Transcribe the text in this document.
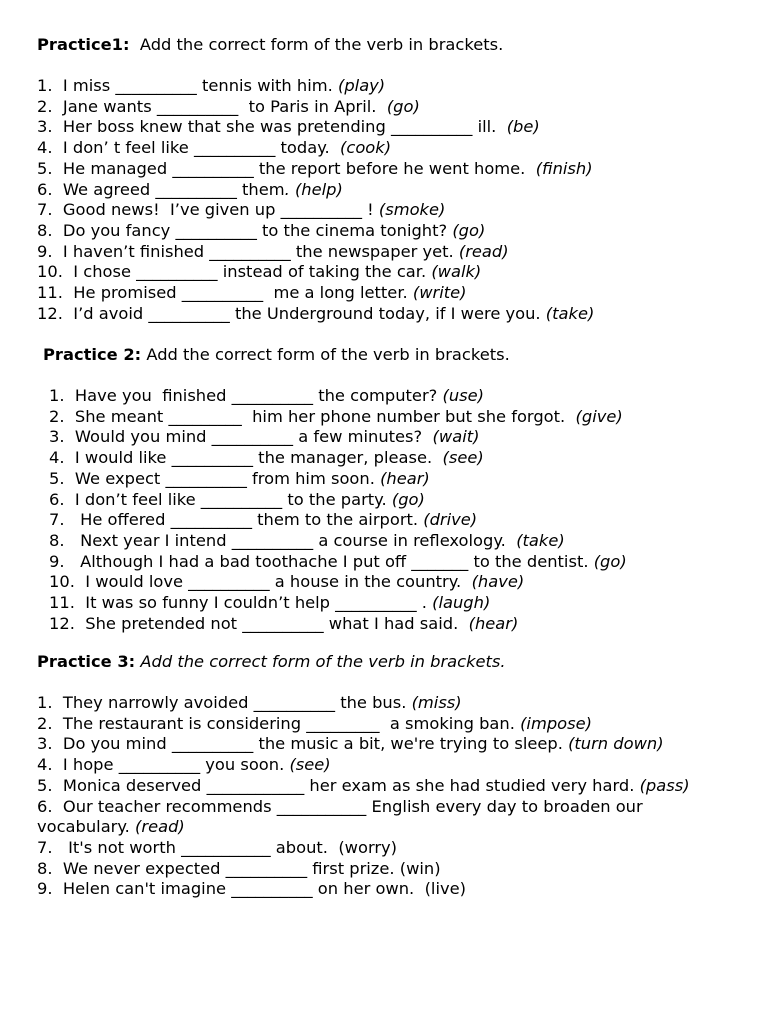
Practice1:  Add the correct form of the verb in brackets.
1. I miss __________ tennis with him. (play)
2. Jane wants __________  to Paris in April.  (go)
3. Her boss knew that she was pretending __________ ill.  (be)
4. I don’ t feel like __________ today.  (cook)
5. He managed __________ the report before he went home.  (finish)
6. We agreed __________ them. (help)
7. Good news!  I’ve given up __________ ! (smoke)
8. Do you fancy __________ to the cinema tonight? (go)
9. I haven’t finished __________ the newspaper yet. (read)
10. I chose __________ instead of taking the car. (walk)
11. He promised __________  me a long letter. (write)
12. I’d avoid __________ the Underground today, if I were you. (take)
Practice 2: Add the correct form of the verb in brackets.
1. Have you  finished __________ the computer? (use)
2. She meant _________  him her phone number but she forgot.  (give)
3. Would you mind __________ a few minutes?  (wait)
4. I would like __________ the manager, please.  (see)
5. We expect __________ from him soon. (hear)
6. I don’t feel like __________ to the party. (go)
7.   He offered __________ them to the airport. (drive)
8.   Next year I intend __________ a course in reflexology.  (take)
9.   Although I had a bad toothache I put off _______ to the dentist. (go)
10. I would love __________ a house in the country.  (have)
11. It was so funny I couldn’t help __________ . (laugh)
12. She pretended not __________ what I had said.  (hear)
Practice 3: Add the correct form of the verb in brackets.
1. They narrowly avoided __________ the bus. (miss)
2. The restaurant is considering _________  a smoking ban. (impose)
3. Do you mind __________ the music a bit, we're trying to sleep. (turn down)
4. I hope __________ you soon. (see)
5.  Monica deserved ____________ her exam as she had studied very hard. (pass)
6. Our teacher recommends ___________ English every day to broaden our vocabulary. (read)
7.   It's not worth ___________ about.  (worry)
8. We never expected __________ first prize. (win)
9. Helen can't imagine __________ on her own.  (live)
